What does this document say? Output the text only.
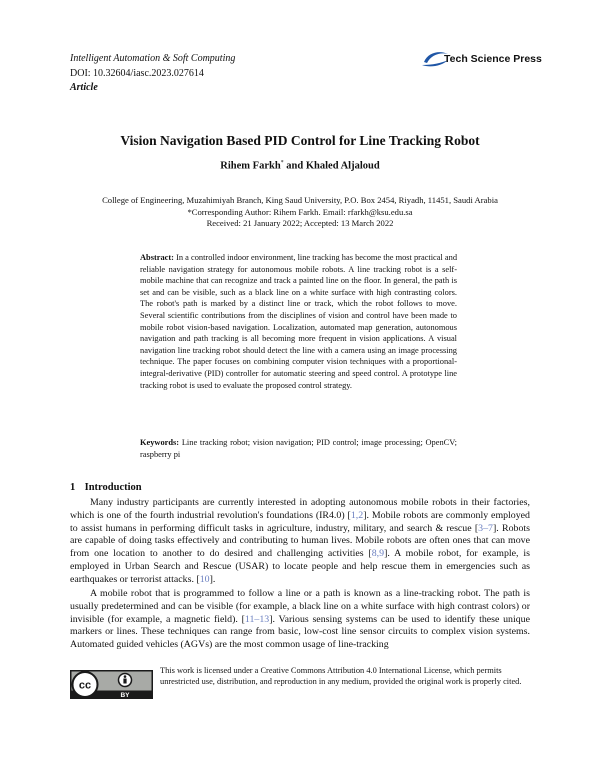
Intelligent Automation & Soft Computing
DOI: 10.32604/iasc.2023.027614
Article
Tech Science Press
Vision Navigation Based PID Control for Line Tracking Robot
Rihem Farkh* and Khaled Aljaloud
College of Engineering, Muzahimiyah Branch, King Saud University, P.O. Box 2454, Riyadh, 11451, Saudi Arabia
*Corresponding Author: Rihem Farkh. Email: rfarkh@ksu.edu.sa
Received: 21 January 2022; Accepted: 13 March 2022
Abstract: In a controlled indoor environment, line tracking has become the most practical and reliable navigation strategy for autonomous mobile robots. A line tracking robot is a self-mobile machine that can recognize and track a painted line on the floor. In general, the path is set and can be visible, such as a black line on a white surface with high contrasting colors. The robot's path is marked by a distinct line or track, which the robot follows to move. Several scientific contributions from the disciplines of vision and control have been made to mobile robot vision-based navigation. Localization, automated map generation, autonomous navigation and path tracking is all becoming more frequent in vision applications. A visual navigation line tracking robot should detect the line with a camera using an image processing technique. The paper focuses on combining computer vision techniques with a proportional-integral-derivative (PID) controller for automatic steering and speed control. A prototype line tracking robot is used to evaluate the proposed control strategy.
Keywords: Line tracking robot; vision navigation; PID control; image processing; OpenCV; raspberry pi
1 Introduction
Many industry participants are currently interested in adopting autonomous mobile robots in their factories, which is one of the fourth industrial revolution's foundations (IR4.0) [1,2]. Mobile robots are commonly employed to assist humans in performing difficult tasks in agriculture, industry, military, and search & rescue [3–7]. Robots are capable of doing tasks effectively and contributing to human lives. Mobile robots are often ones that can move from one location to another to do desired and challenging activities [8,9]. A mobile robot, for example, is employed in Urban Search and Rescue (USAR) to locate people and help rescue them in emergencies such as earthquakes or terrorist attacks. [10].
A mobile robot that is programmed to follow a line or a path is known as a line-tracking robot. The path is usually predetermined and can be visible (for example, a black line on a white surface with high contrast colors) or invisible (for example, a magnetic field). [11–13]. Various sensing systems can be used to identify these unique markers or lines. These techniques can range from basic, low-cost line sensor circuits to complex vision systems. Automated guided vehicles (AGVs) are the most common usage of line-tracking
cc
BY
This work is licensed under a Creative Commons Attribution 4.0 International License, which permits unrestricted use, distribution, and reproduction in any medium, provided the original work is properly cited.
